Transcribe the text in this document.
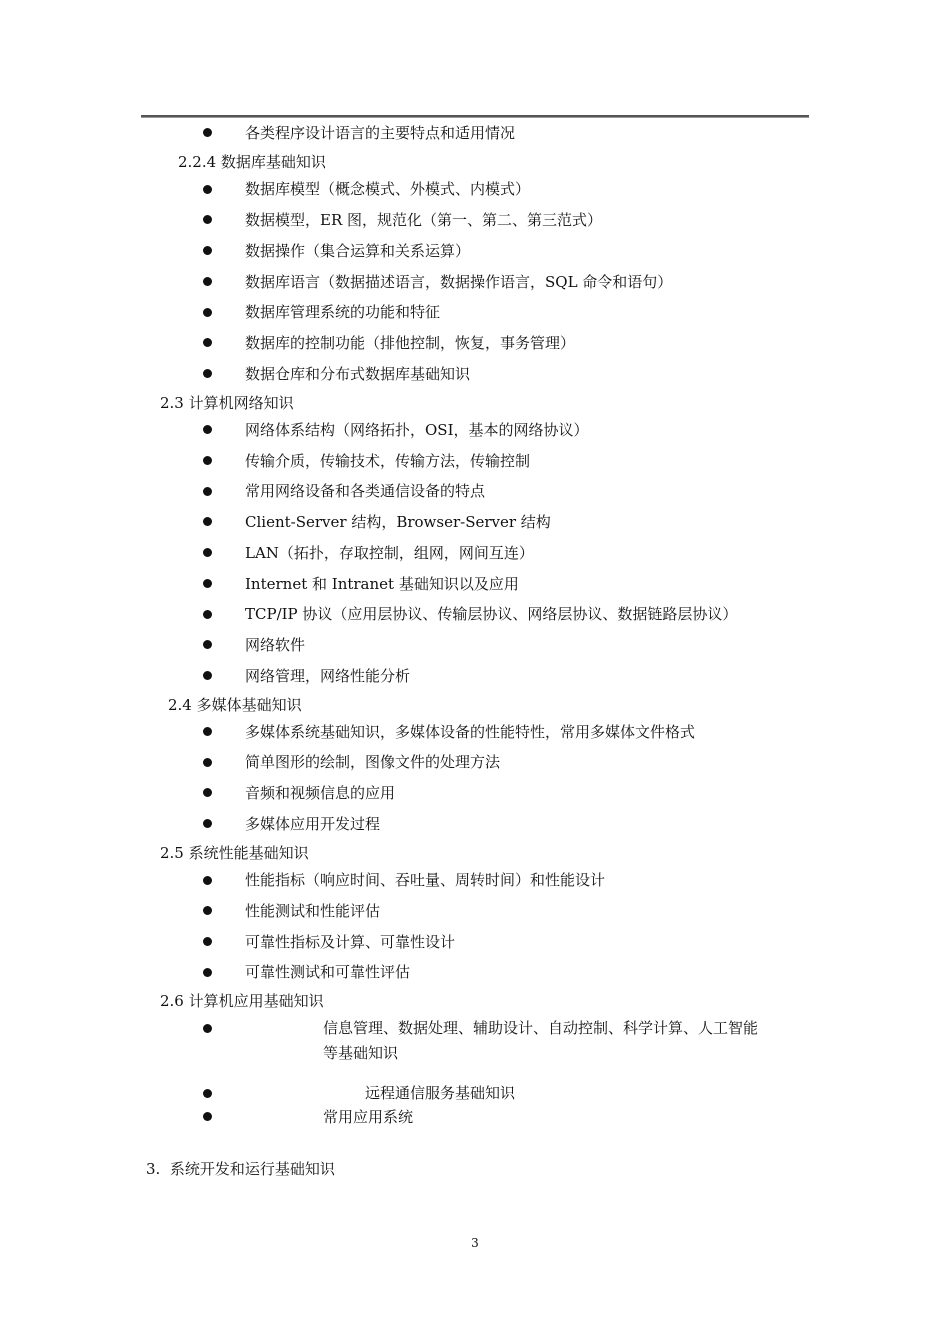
各类程序设计语言的主要特点和适用情况
2.2.4 数据库基础知识
数据库模型（概念模式、外模式、内模式）
数据模型，ER 图，规范化（第一、第二、第三范式）
数据操作（集合运算和关系运算）
数据库语言（数据描述语言，数据操作语言，SQL 命令和语句）
数据库管理系统的功能和特征
数据库的控制功能（排他控制，恢复，事务管理）
数据仓库和分布式数据库基础知识
2.3 计算机网络知识
网络体系结构（网络拓扑，OSI，基本的网络协议）
传输介质，传输技术，传输方法，传输控制
常用网络设备和各类通信设备的特点
Client-Server 结构，Browser-Server 结构
LAN（拓扑，存取控制，组网，网间互连）
Internet 和 Intranet 基础知识以及应用
TCP/IP 协议（应用层协议、传输层协议、网络层协议、数据链路层协议）
网络软件
网络管理，网络性能分析
2.4 多媒体基础知识
多媒体系统基础知识，多媒体设备的性能特性，常用多媒体文件格式
简单图形的绘制，图像文件的处理方法
音频和视频信息的应用
多媒体应用开发过程
2.5 系统性能基础知识
性能指标（响应时间、吞吐量、周转时间）和性能设计
性能测试和性能评估
可靠性指标及计算、可靠性设计
可靠性测试和可靠性评估
2.6 计算机应用基础知识
信息管理、数据处理、辅助设计、自动控制、科学计算、人工智能
等基础知识
远程通信服务基础知识
常用应用系统
3.  系统开发和运行基础知识
3
